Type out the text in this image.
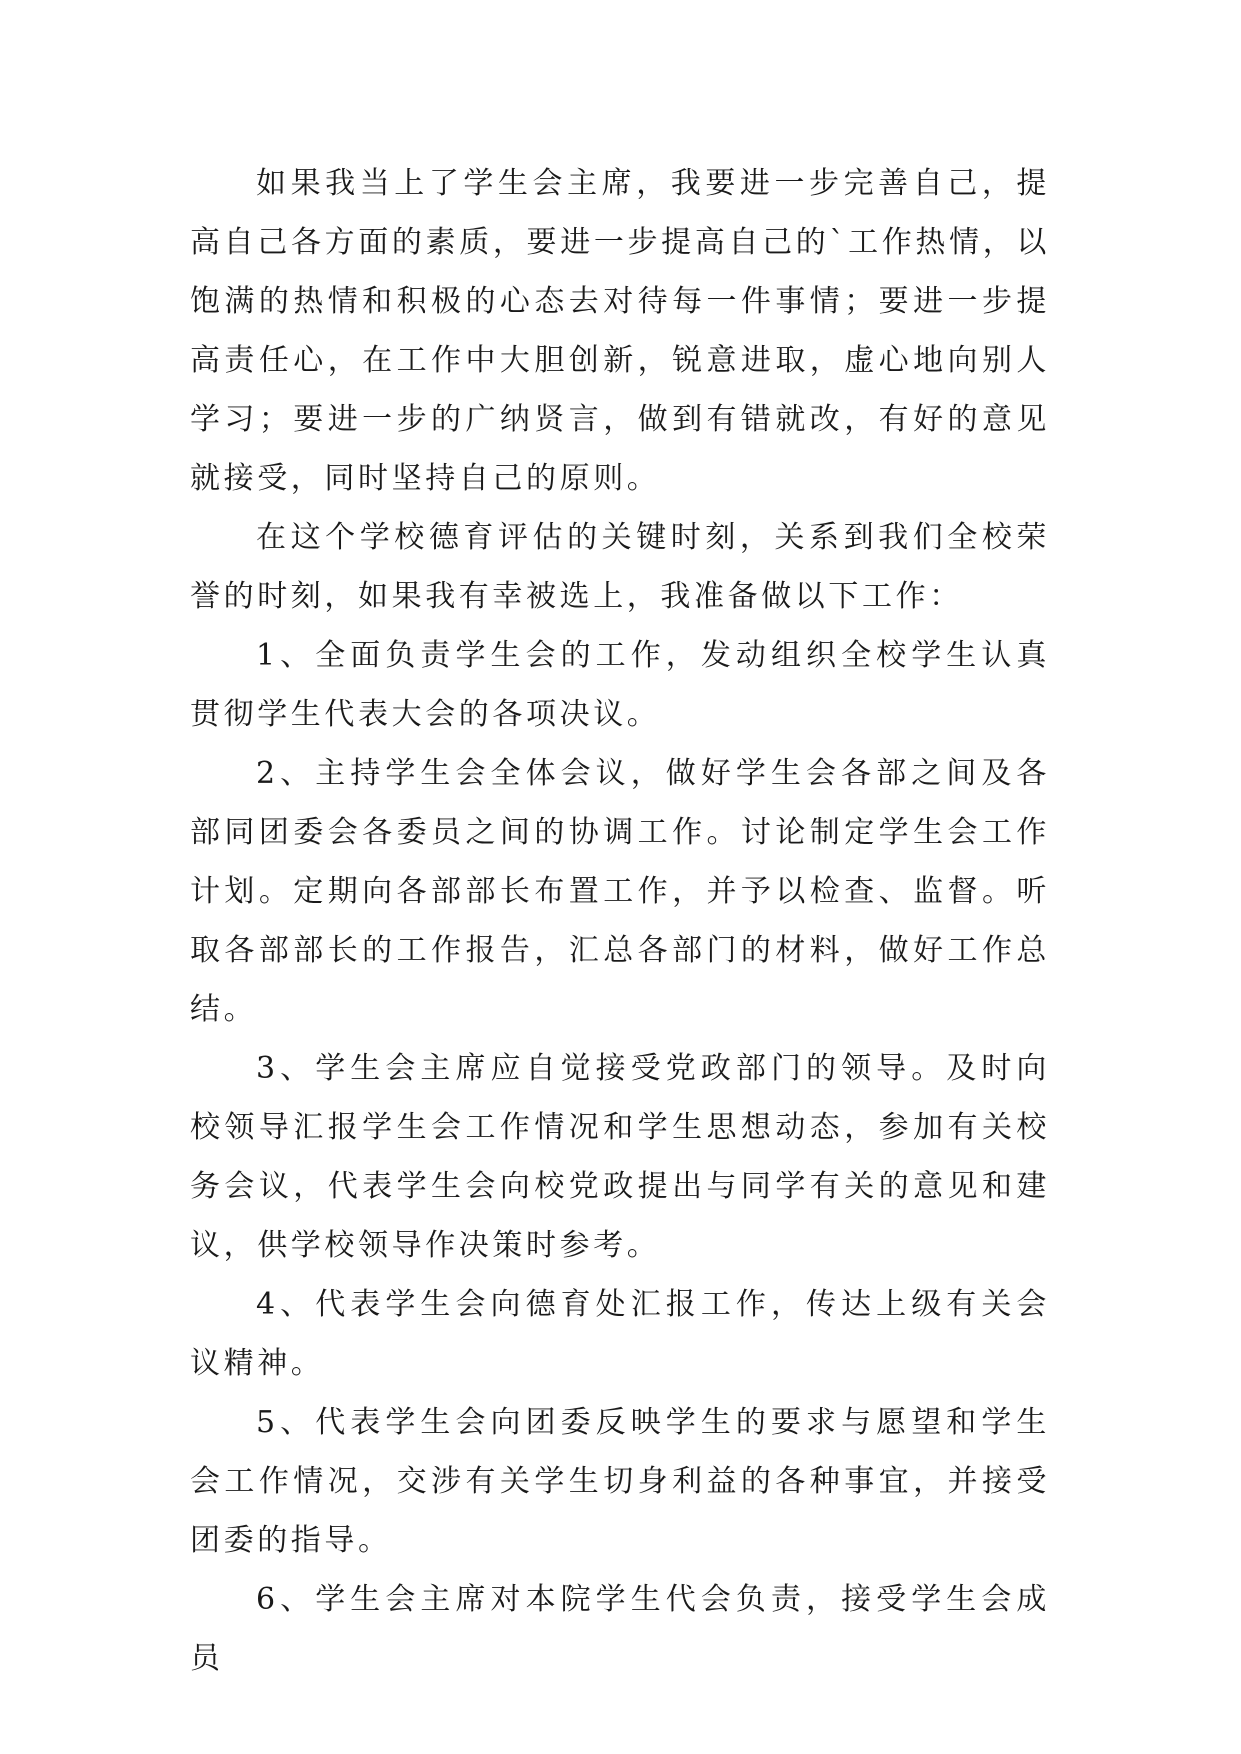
如果我当上了学生会主席，我要进一步完善自己，提高自己各方面的素质，要进一步提高自己的`工作热情，以饱满的热情和积极的心态去对待每一件事情；要进一步提高责任心，在工作中大胆创新，锐意进取，虚心地向别人学习；要进一步的广纳贤言，做到有错就改，有好的意见就接受，同时坚持自己的原则。

在这个学校德育评估的关键时刻，关系到我们全校荣誉的时刻，如果我有幸被选上，我准备做以下工作：

1、全面负责学生会的工作，发动组织全校学生认真贯彻学生代表大会的各项决议。

2、主持学生会全体会议，做好学生会各部之间及各部同团委会各委员之间的协调工作。讨论制定学生会工作计划。定期向各部部长布置工作，并予以检查、监督。听取各部部长的工作报告，汇总各部门的材料，做好工作总结。

3、学生会主席应自觉接受党政部门的领导。及时向校领导汇报学生会工作情况和学生思想动态，参加有关校务会议，代表学生会向校党政提出与同学有关的意见和建议，供学校领导作决策时参考。

4、代表学生会向德育处汇报工作，传达上级有关会议精神。

5、代表学生会向团委反映学生的要求与愿望和学生会工作情况，交涉有关学生切身利益的各种事宜，并接受团委的指导。

6、学生会主席对本院学生代会负责，接受学生会成员
